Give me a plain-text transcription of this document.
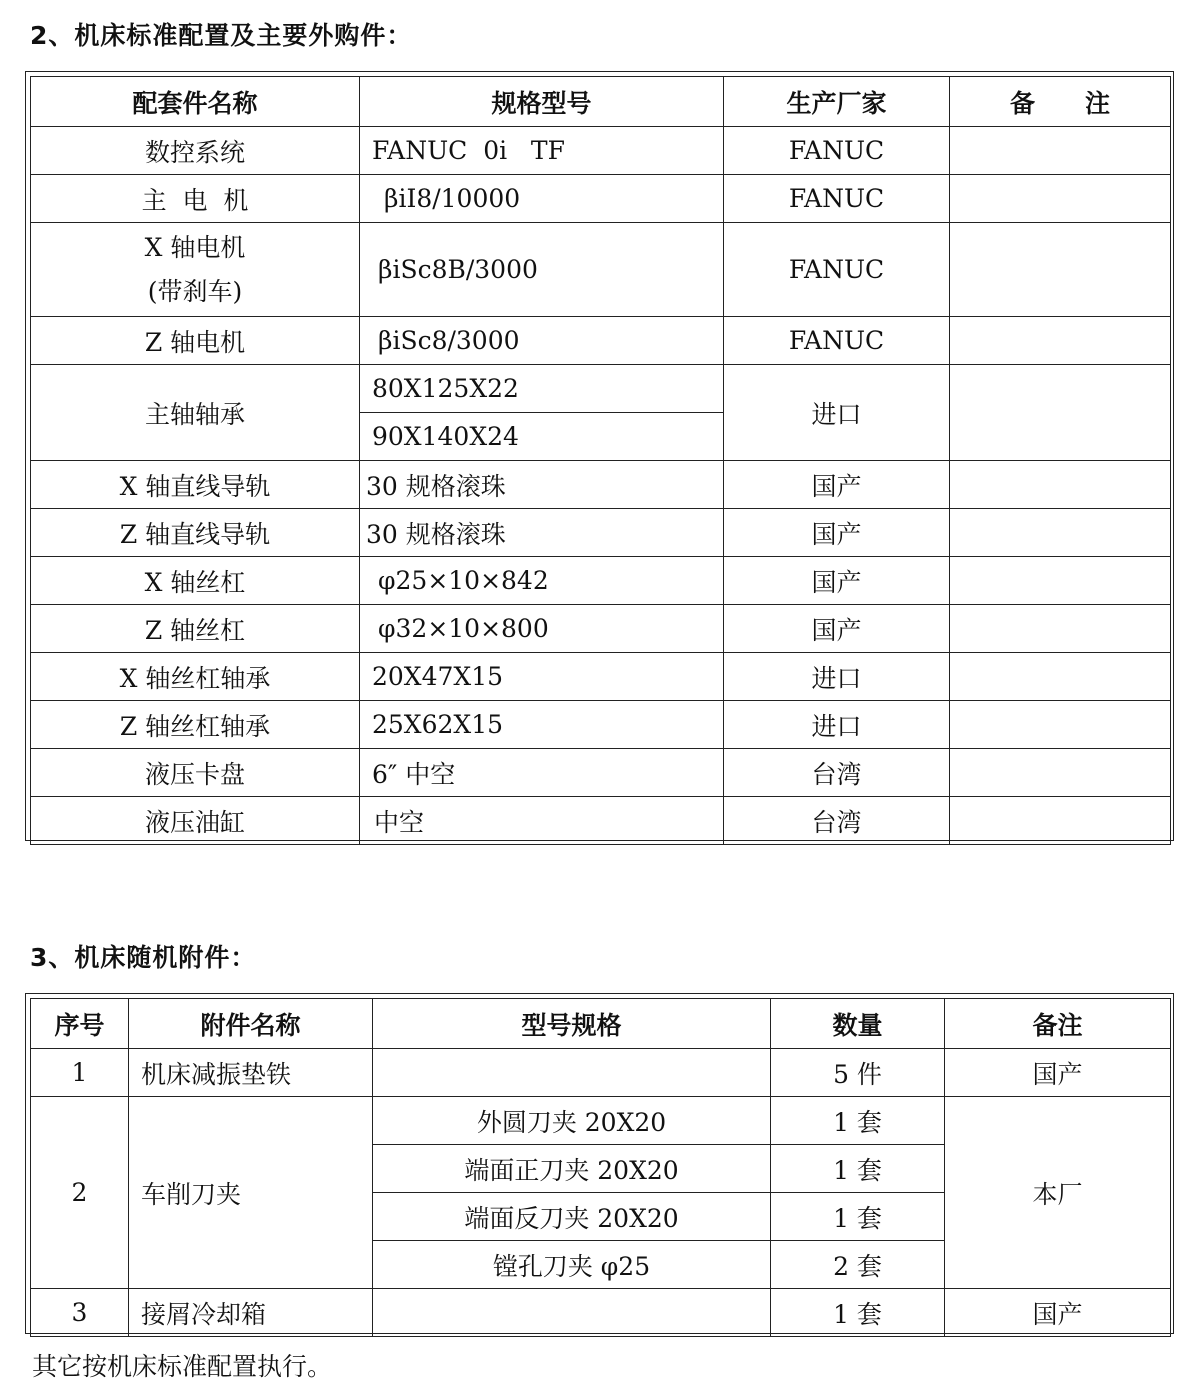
2、机床标准配置及主要外购件：
配套件名称	规格型号	生产厂家	备　　注
数控系统	FANUC  0i   TF	FANUC	
主  电  机	βiI8/10000	FANUC	

X 轴电机
(带刹车)	βiSc8B/3000	FANUC	
Z 轴电机	βiSc8/3000	FANUC	
主轴轴承	80X125X22	进口	
	90X140X24		
X 轴直线导轨	30 规格滚珠	国产	
Z 轴直线导轨	30 规格滚珠	国产	
X 轴丝杠	φ25×10×842	国产	
Z 轴丝杠	φ32×10×800	国产	
X 轴丝杠轴承	20X47X15	进口	
Z 轴丝杠轴承	25X62X15	进口	
液压卡盘	6″ 中空	台湾	
液压油缸	中空	台湾	
3、机床随机附件：
序号	附件名称	型号规格	数量	备注
1	机床减振垫铁		5 件	国产
2	车削刀夹	外圆刀夹 20X20	1 套	本厂
		端面正刀夹 20X20	1 套	
		端面反刀夹 20X20	1 套	
		镗孔刀夹 φ25	2 套	
3	接屑冷却箱		1 套	国产
其它按机床标准配置执行。
